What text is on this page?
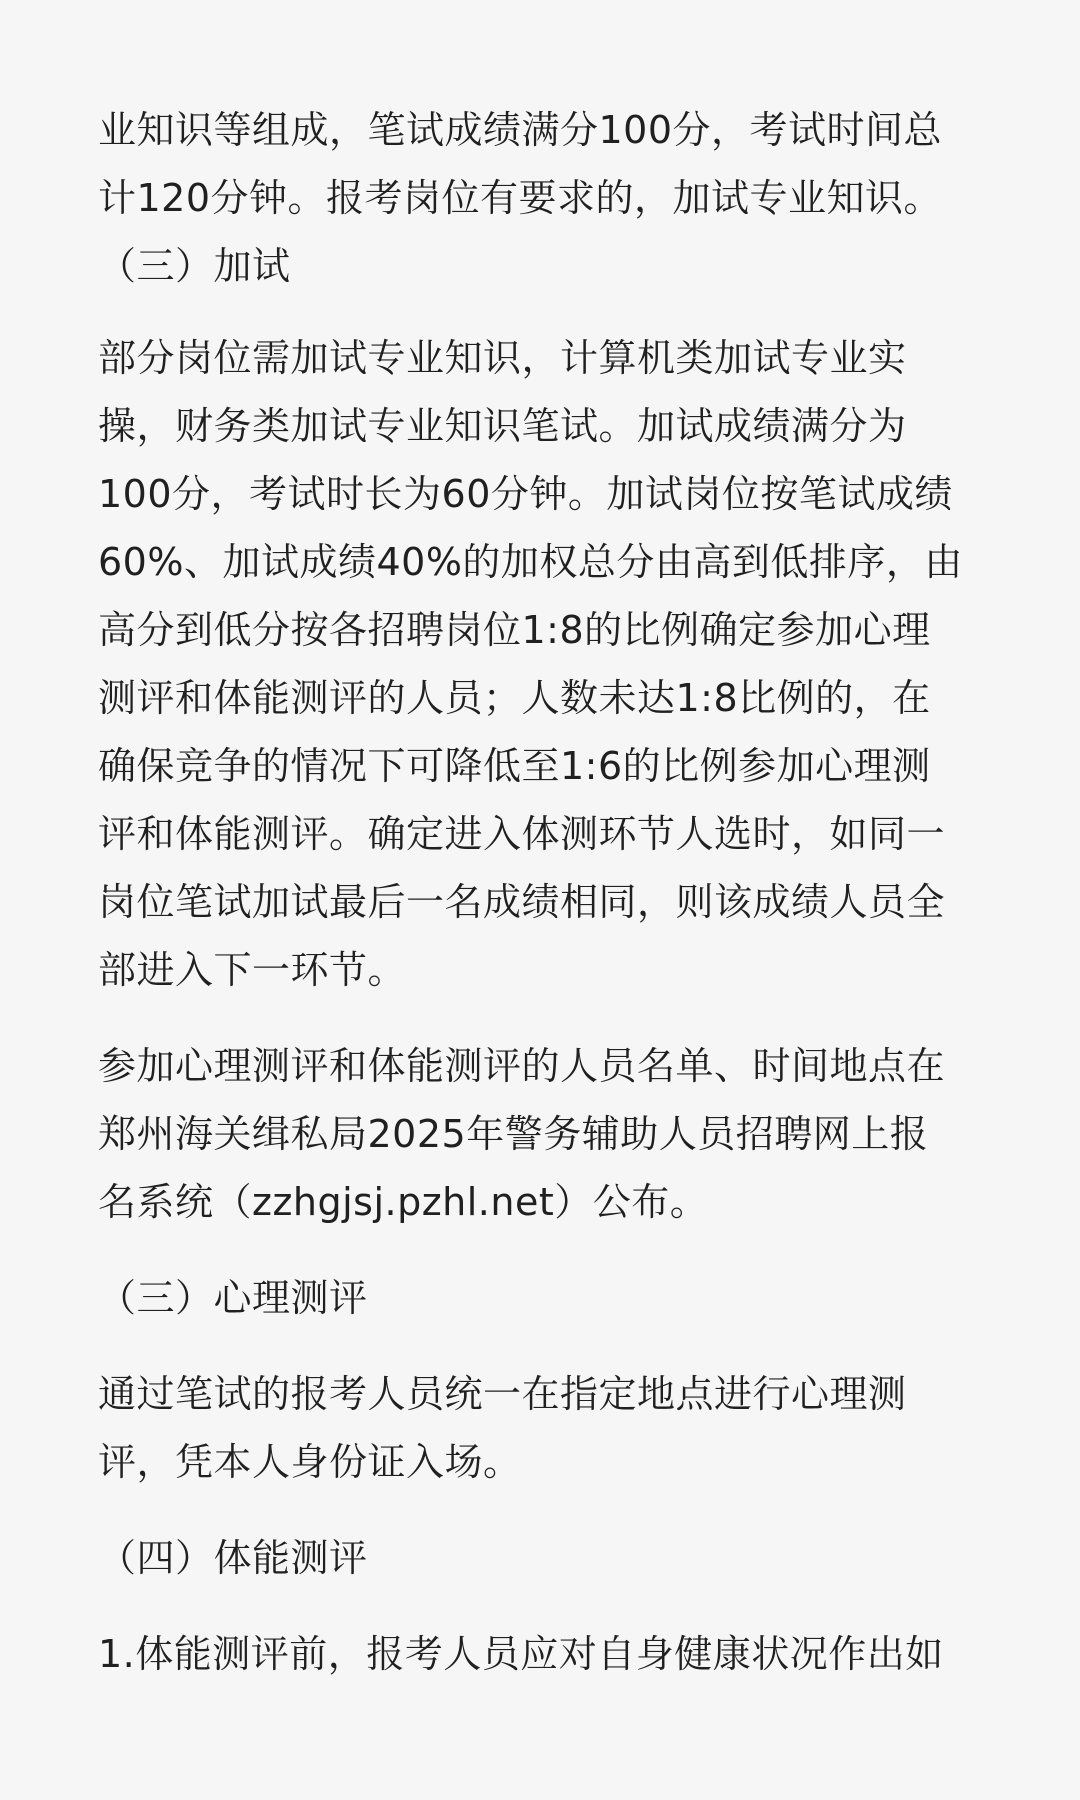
业知识等组成，笔试成绩满分100分，考试时间总
计120分钟。报考岗位有要求的，加试专业知识。

（三）加试

部分岗位需加试专业知识，计算机类加试专业实
操，财务类加试专业知识笔试。加试成绩满分为
100分，考试时长为60分钟。加试岗位按笔试成绩
60%、加试成绩40%的加权总分由高到低排序，由
高分到低分按各招聘岗位1:8的比例确定参加心理
测评和体能测评的人员；人数未达1:8比例的，在
确保竞争的情况下可降低至1:6的比例参加心理测
评和体能测评。确定进入体测环节人选时，如同一
岗位笔试加试最后一名成绩相同，则该成绩人员全
部进入下一环节。

参加心理测评和体能测评的人员名单、时间地点在
郑州海关缉私局2025年警务辅助人员招聘网上报
名系统（zzhgjsj.pzhl.net）公布。

（三）心理测评

通过笔试的报考人员统一在指定地点进行心理测
评，凭本人身份证入场。

（四）体能测评

1.体能测评前，报考人员应对自身健康状况作出如
